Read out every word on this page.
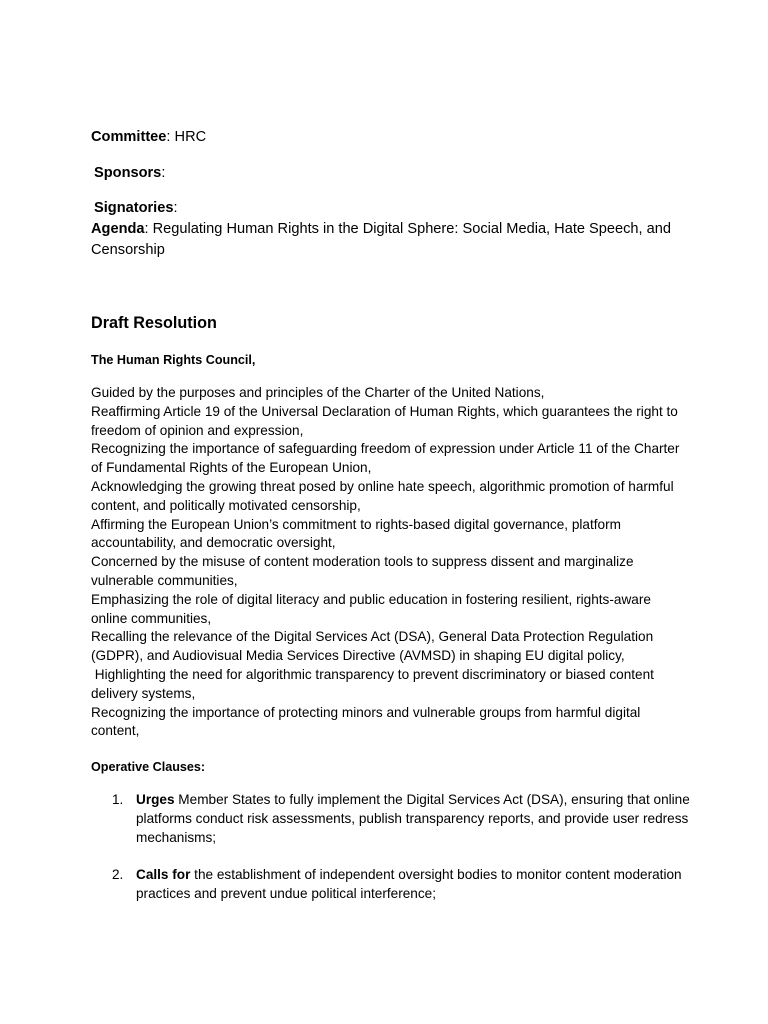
Committee: HRC
Sponsors:
Signatories:
Agenda: Regulating Human Rights in the Digital Sphere: Social Media, Hate Speech, and Censorship
Draft Resolution
The Human Rights Council,
Guided by the purposes and principles of the Charter of the United Nations,
Reaffirming Article 19 of the Universal Declaration of Human Rights, which guarantees the right to freedom of opinion and expression,
Recognizing the importance of safeguarding freedom of expression under Article 11 of the Charter of Fundamental Rights of the European Union,
Acknowledging the growing threat posed by online hate speech, algorithmic promotion of harmful content, and politically motivated censorship,
Affirming the European Union’s commitment to rights-based digital governance, platform accountability, and democratic oversight,
Concerned by the misuse of content moderation tools to suppress dissent and marginalize vulnerable communities,
Emphasizing the role of digital literacy and public education in fostering resilient, rights-aware online communities,
Recalling the relevance of the Digital Services Act (DSA), General Data Protection Regulation (GDPR), and Audiovisual Media Services Directive (AVMSD) in shaping EU digital policy,
Highlighting the need for algorithmic transparency to prevent discriminatory or biased content delivery systems,
Recognizing the importance of protecting minors and vulnerable groups from harmful digital content,
Operative Clauses:
1. Urges Member States to fully implement the Digital Services Act (DSA), ensuring that online platforms conduct risk assessments, publish transparency reports, and provide user redress mechanisms;
2. Calls for the establishment of independent oversight bodies to monitor content moderation practices and prevent undue political interference;
